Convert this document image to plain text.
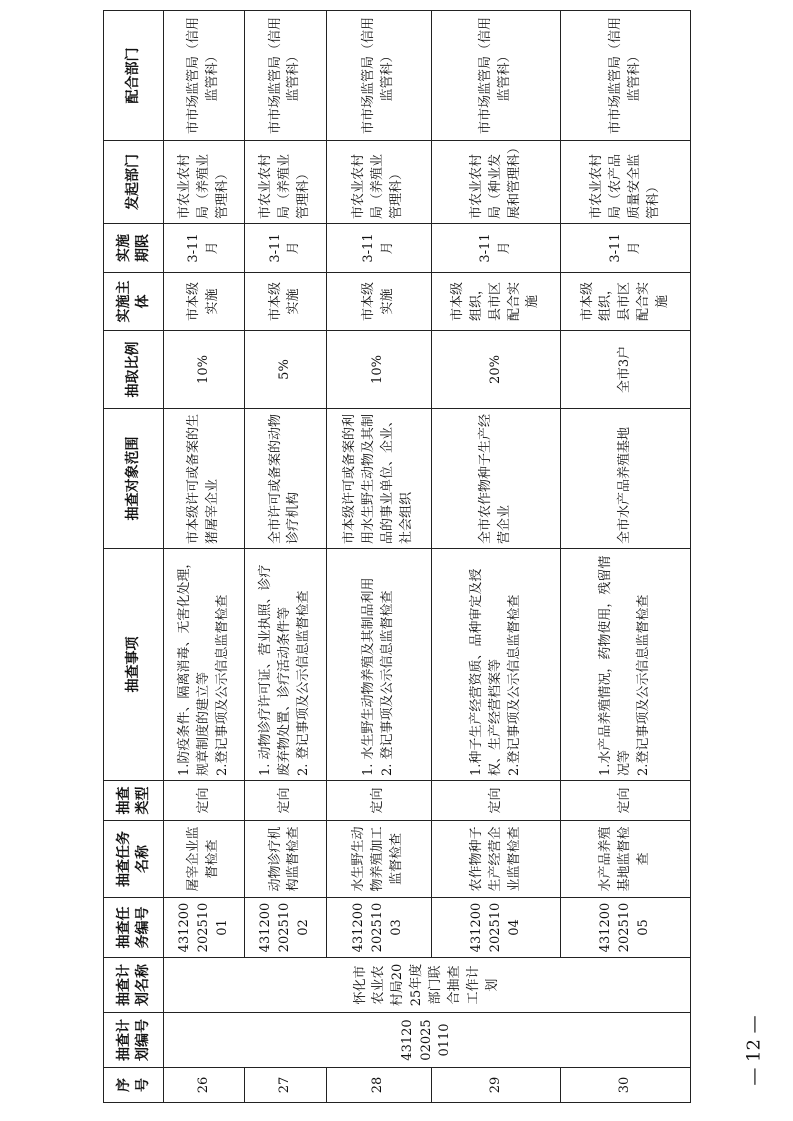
序号	抽查计划编号	抽查计划名称	抽查任务编号	抽查任务名称	抽查类型	抽查事项	抽查对象范围	抽取比例	实施主体	实施期限	发起部门	配合部门
26	43120020250110	怀化市农业农村局2025年度部门联合抽查工作计划	43120020251001	屠宰企业监督检查	定向	1.防疫条件、隔离消毒、无害化处理，规章制度的建立等
2.登记事项及公示信息监督检查	市本级许可或备案的生猪屠宰企业	10%	市本级实施	3-11月	市农业农村局（养殖业管理科）	市市场监管局（信用监管科）
27			43120020251002	动物诊疗机构监督检查	定向	1. 动物诊疗许可证、营业执照、诊疗废弃物处置、诊疗活动条件等
2. 登记事项及公示信息监督检查	全市许可或备案的动物诊疗机构	5%	市本级实施	3-11月	市农业农村局（养殖业管理科）	市市场监管局（信用监管科）
28			43120020251003	水生野生动物养殖加工监督检查	定向	1. 水生野生动物养殖及其制品利用
2. 登记事项及公示信息监督检查	市本级许可或备案的利用水生野生动物及其制品的事业单位、企业、社会组织	10%	市本级实施	3-11月	市农业农村局（养殖业管理科）	市市场监管局（信用监管科）
29			43120020251004	农作物种子生产经营企业监督检查	定向	1.种子生产经营资质、品种审定及授权、生产经营档案等
2.登记事项及公示信息监督检查	全市农作物种子生产经营企业	20%	市本级组织，县市区配合实施	3-11月	市农业农村局（种业发展和管理科）	市市场监管局（信用监管科）
30			43120020251005	水产品养殖基地监督检查	定向	1.水产品养殖情况，药物使用，残留情况等
2.登记事项及公示信息监督检查	全市水产品养殖基地	全市3户	市本级组织，县市区配合实施	3-11月	市农业农村局（农产品质量安全监管科）	市市场监管局（信用监管科）
— 12 —
